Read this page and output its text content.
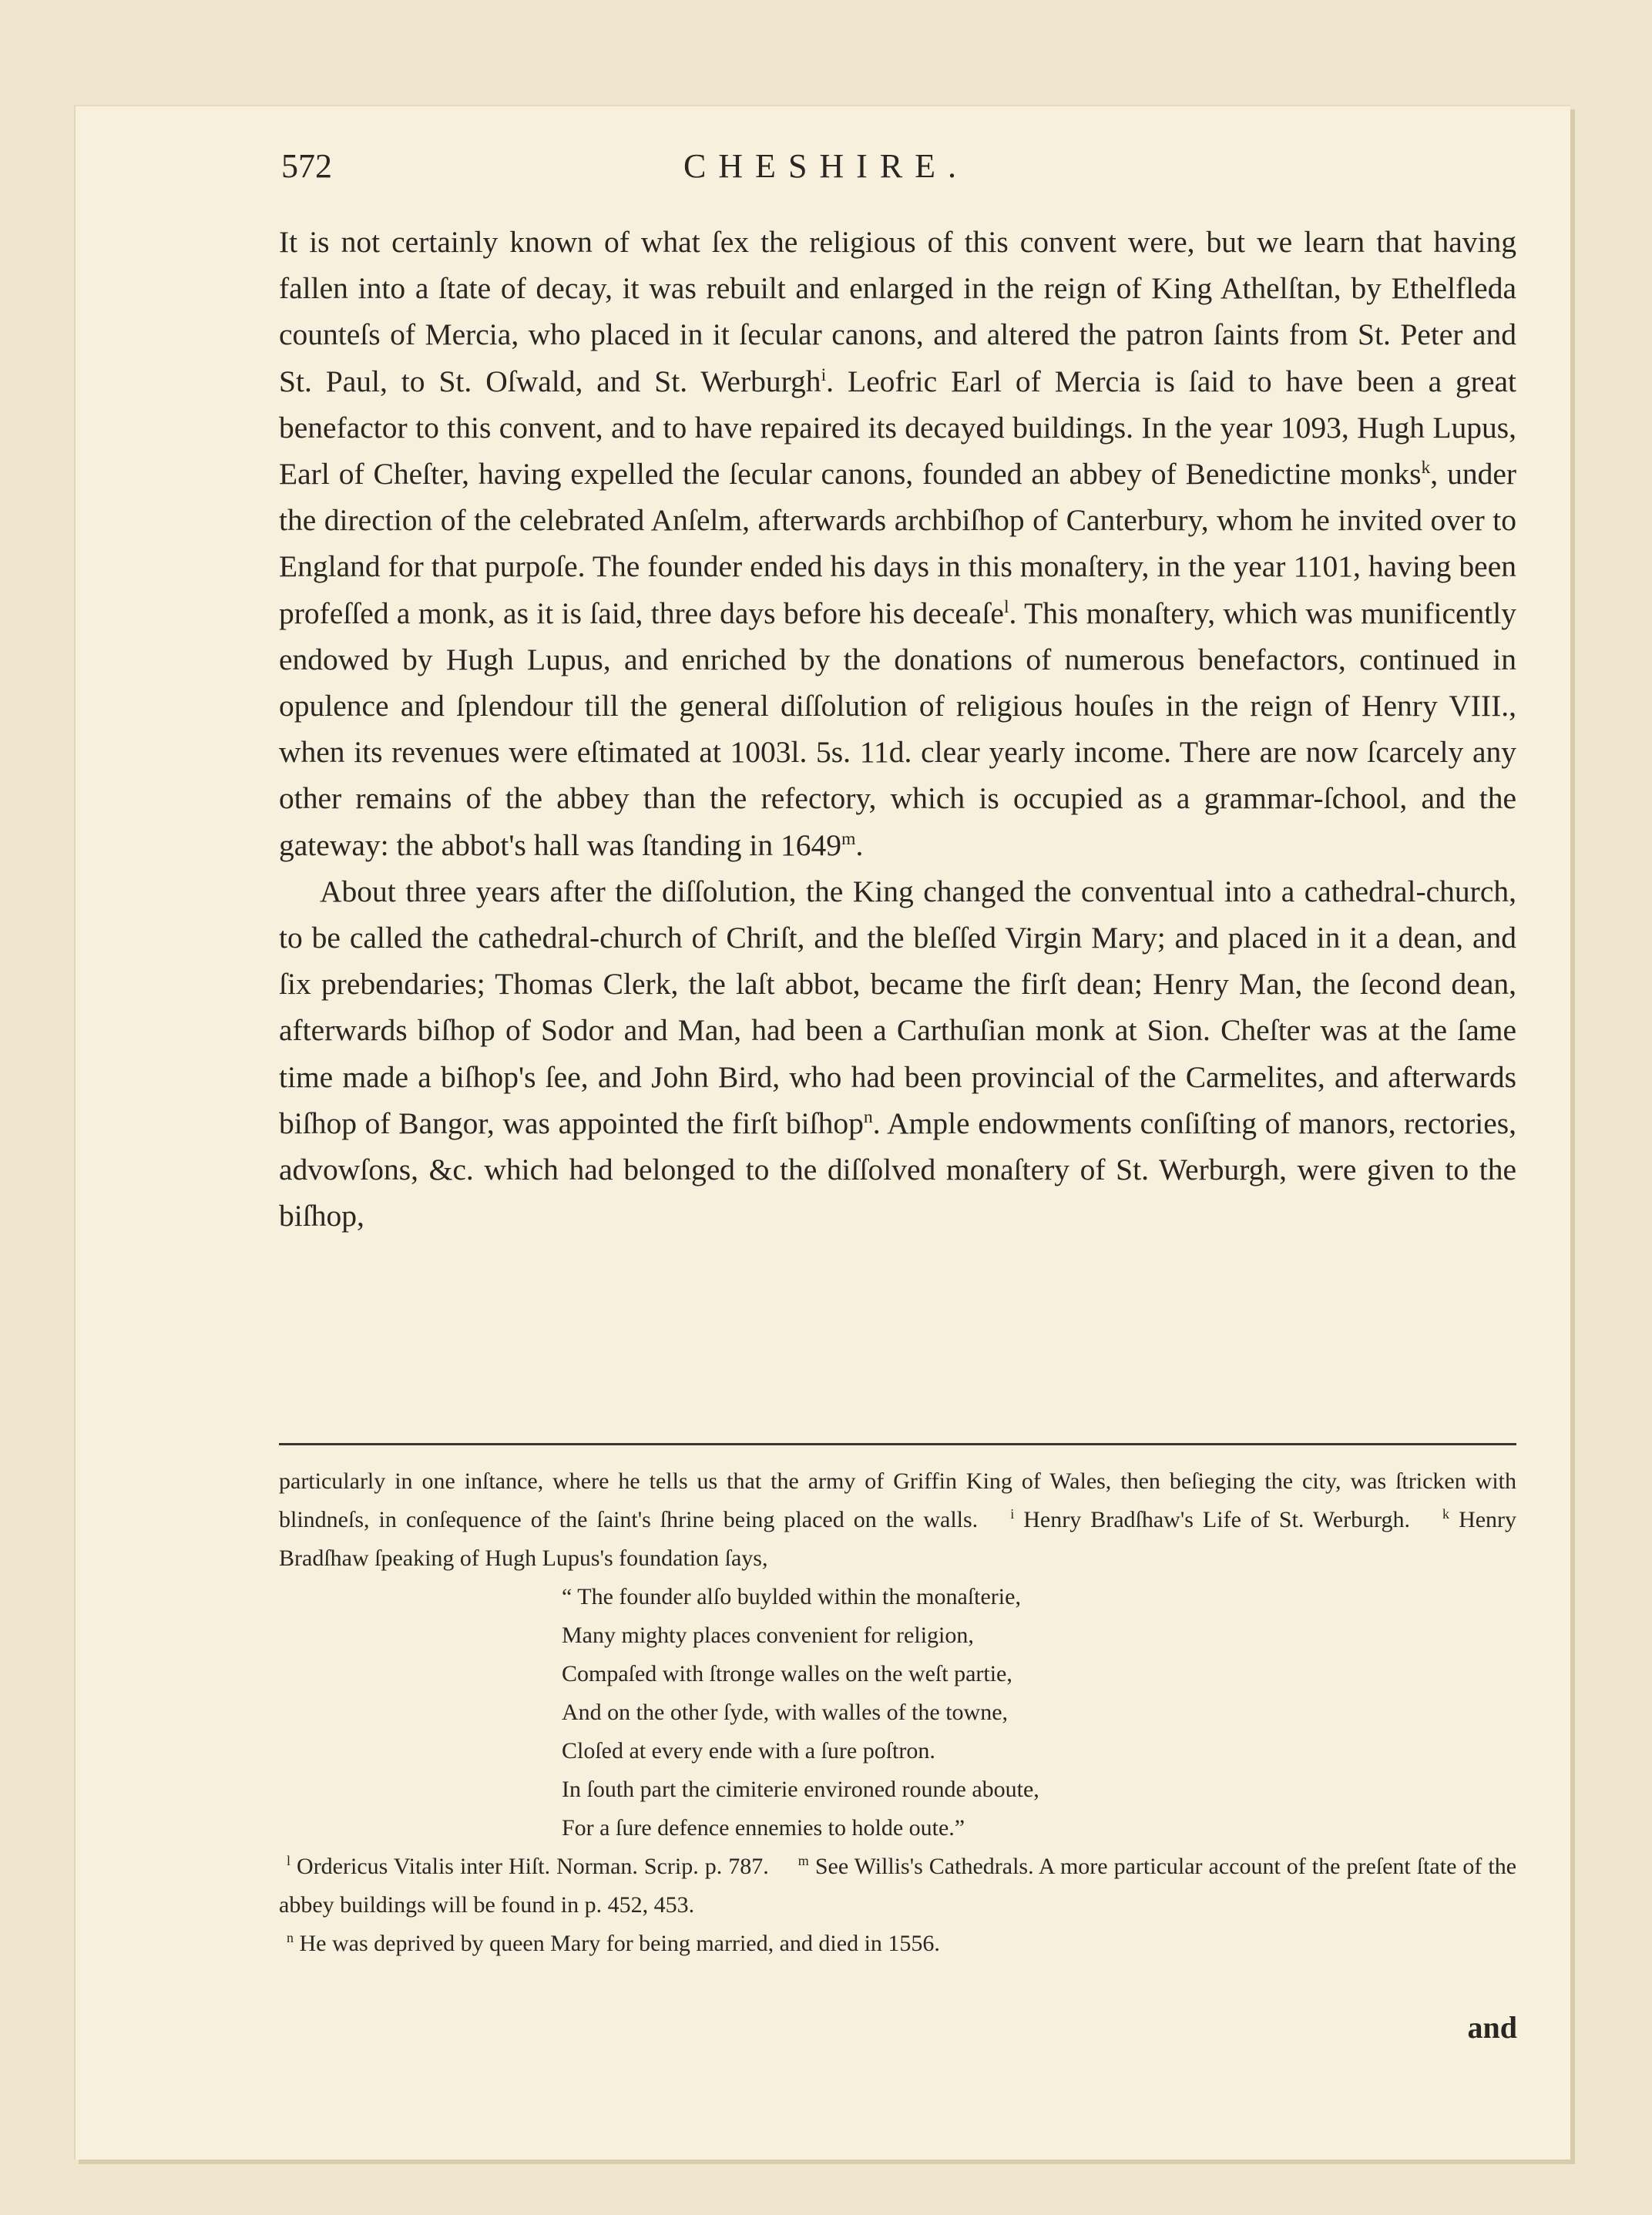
572	CHESHIRE.

It is not certainly known of what ſex the religious of this convent were, but we learn that having fallen into a ſtate of decay, it was rebuilt and enlarged in the reign of King Athelſtan, by Ethelfleda counteſs of Mercia, who placed in it ſecular canons, and altered the patron ſaints from St. Peter and St. Paul, to St. Oſwald, and St. Werburgh$^i$. Leofric Earl of Mercia is ſaid to have been a great benefactor to this convent, and to have repaired its decayed buildings. In the year 1093, Hugh Lupus, Earl of Cheſter, having expelled the ſecular canons, founded an abbey of Benedictine monks$^k$, under the direction of the celebrated Anſelm, afterwards archbiſhop of Canterbury, whom he invited over to England for that purpoſe. The founder ended his days in this monaſtery, in the year 1101, having been profeſſed a monk, as it is ſaid, three days before his deceaſe$^l$. This monaſtery, which was munificently endowed by Hugh Lupus, and enriched by the donations of numerous benefactors, continued in opulence and ſplendour till the general diſſolution of religious houſes in the reign of Henry VIII., when its revenues were eſtimated at 1003l. 5s. 11d. clear yearly income. There are now ſcarcely any other remains of the abbey than the refectory, which is occupied as a grammar-ſchool, and the gateway: the abbot's hall was ſtanding in 1649$^m$.

About three years after the diſſolution, the King changed the conventual into a cathedral-church, to be called the cathedral-church of Chriſt, and the bleſſed Virgin Mary; and placed in it a dean, and ſix prebendaries; Thomas Clerk, the laſt abbot, became the firſt dean; Henry Man, the ſecond dean, afterwards biſhop of Sodor and Man, had been a Carthuſian monk at Sion. Cheſter was at the ſame time made a biſhop's ſee, and John Bird, who had been provincial of the Carmelites, and afterwards biſhop of Bangor, was appointed the firſt biſhop$^n$. Ample endowments conſiſting of manors, rectories, advowſons, &c. which had belonged to the diſſolved monaſtery of St. Werburgh, were given to the biſhop,

particularly in one inſtance, where he tells us that the army of Griffin King of Wales, then beſieging the city, was ſtricken with blindneſs, in conſequence of the ſaint's ſhrine being placed on the walls.   $^i$ Henry Bradſhaw's Life of St. Werburgh.   $^k$ Henry Bradſhaw ſpeaking of Hugh Lupus's foundation ſays,

“ The founder alſo buylded within the monaſterie,
Many mighty places convenient for religion,
Compaſed with ſtronge walles on the weſt partie,
And on the other ſyde, with walles of the towne,
Cloſed at every ende with a ſure poſtron.
In ſouth part the cimiterie environed rounde aboute,
For a ſure defence ennemies to holde oute.”

$^l$ Ordericus Vitalis inter Hiſt. Norman. Scrip. p. 787.   $^m$ See Willis's Cathedrals. A more particular account of the preſent ſtate of the abbey buildings will be found in p. 452, 453.

$^n$ He was deprived by queen Mary for being married, and died in 1556.

and
